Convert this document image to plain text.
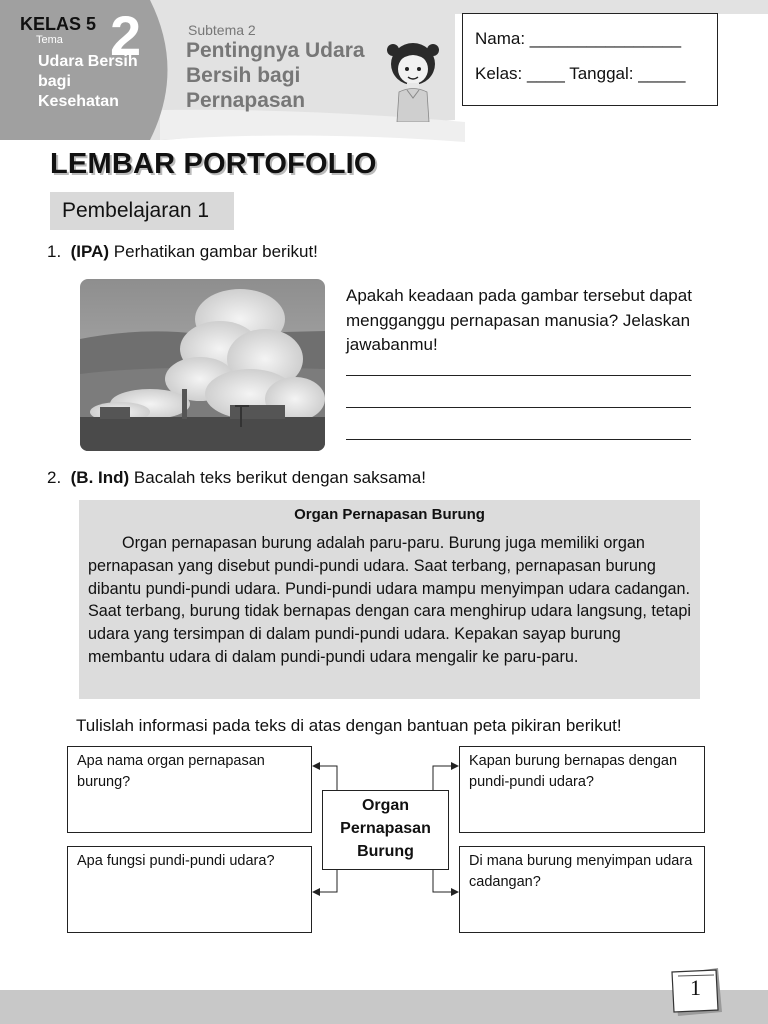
KELAS 5
Tema 2
Udara Bersih bagi Kesehatan
Subtema 2
Pentingnya Udara Bersih bagi Pernapasan
Nama: ________________
Kelas: ____ Tanggal: _____
LEMBAR PORTOFOLIO
Pembelajaran 1
1. (IPA) Perhatikan gambar berikut!
Apakah keadaan pada gambar tersebut dapat mengganggu pernapasan manusia? Jelaskan jawabanmu!
2. (B. Ind) Bacalah teks berikut dengan saksama!
Organ Pernapasan Burung
Organ pernapasan burung adalah paru-paru. Burung juga memiliki organ pernapasan yang disebut pundi-pundi udara. Saat terbang, pernapasan burung dibantu pundi-pundi udara. Pundi-pundi udara mampu menyimpan udara cadangan. Saat terbang, burung tidak bernapas dengan cara menghirup udara langsung, tetapi udara yang tersimpan di dalam pundi-pundi udara. Kepakan sayap burung membantu udara di dalam pundi-pundi udara mengalir ke paru-paru.
Tulislah informasi pada teks di atas dengan bantuan peta pikiran berikut!
Apa nama organ pernapasan burung?
Apa fungsi pundi-pundi udara?
Kapan burung bernapas dengan pundi-pundi udara?
Di mana burung menyimpan udara cadangan?
Organ Pernapasan Burung
1
